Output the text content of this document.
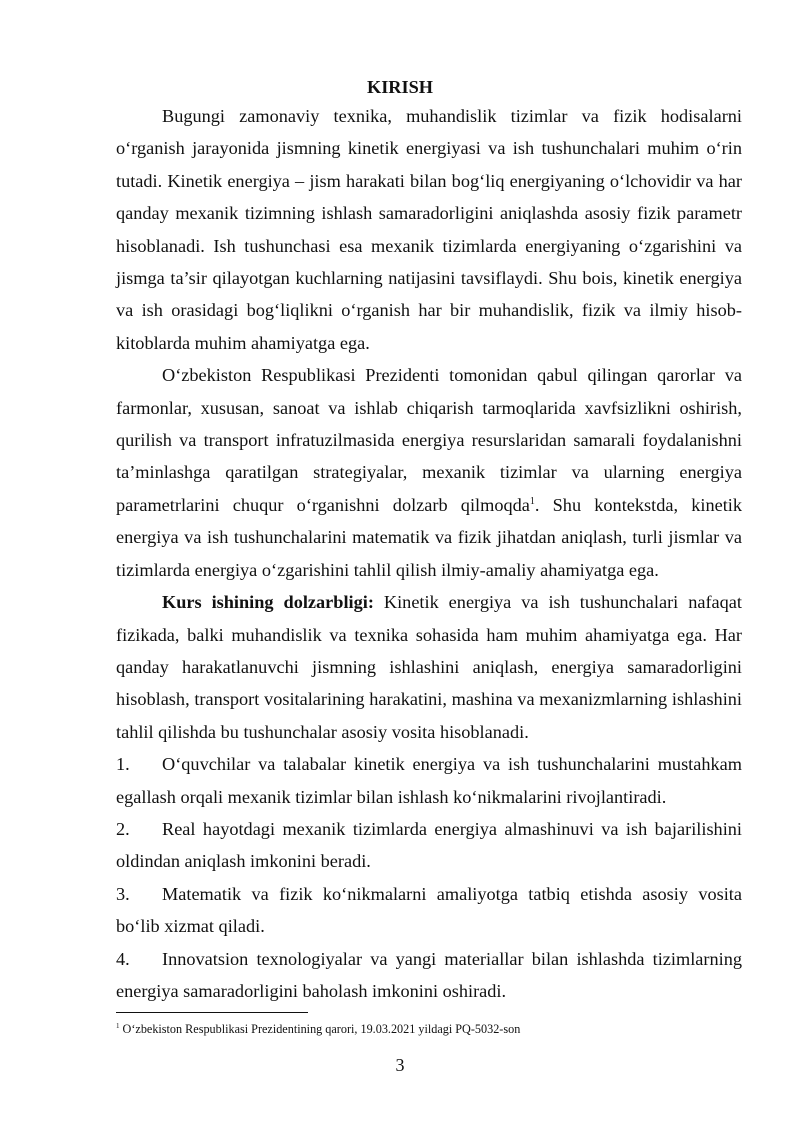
KIRISH

Bugungi zamonaviy texnika, muhandislik tizimlar va fizik hodisalarni o‘rganish jarayonida jismning kinetik energiyasi va ish tushunchalari muhim o‘rin tutadi. Kinetik energiya – jism harakati bilan bog‘liq energiyaning o‘lchovidir va har qanday mexanik tizimning ishlash samaradorligini aniqlashda asosiy fizik parametr hisoblanadi. Ish tushunchasi esa mexanik tizimlarda energiyaning o‘zgarishini va jismga ta’sir qilayotgan kuchlarning natijasini tavsiflaydi. Shu bois, kinetik energiya va ish orasidagi bog‘liqlikni o‘rganish har bir muhandislik, fizik va ilmiy hisob-kitoblarda muhim ahamiyatga ega.

O‘zbekiston Respublikasi Prezidenti tomonidan qabul qilingan qarorlar va farmonlar, xususan, sanoat va ishlab chiqarish tarmoqlarida xavfsizlikni oshirish, qurilish va transport infratuzilmasida energiya resurslaridan samarali foydalanishni ta’minlashga qaratilgan strategiyalar, mexanik tizimlar va ularning energiya parametrlarini chuqur o‘rganishni dolzarb qilmoqda$^1$. Shu kontekstda, kinetik energiya va ish tushunchalarini matematik va fizik jihatdan aniqlash, turli jismlar va tizimlarda energiya o‘zgarishini tahlil qilish ilmiy-amaliy ahamiyatga ega.

Kurs ishining dolzarbligi: Kinetik energiya va ish tushunchalari nafaqat fizikada, balki muhandislik va texnika sohasida ham muhim ahamiyatga ega. Har qanday harakatlanuvchi jismning ishlashini aniqlash, energiya samaradorligini hisoblash, transport vositalarining harakatini, mashina va mexanizmlarning ishlashini tahlil qilishda bu tushunchalar asosiy vosita hisoblanadi.

1. O‘quvchilar va talabalar kinetik energiya va ish tushunchalarini mustahkam egallash orqali mexanik tizimlar bilan ishlash ko‘nikmalarini rivojlantiradi.

2. Real hayotdagi mexanik tizimlarda energiya almashinuvi va ish bajarilishini oldindan aniqlash imkonini beradi.

3. Matematik va fizik ko‘nikmalarni amaliyotga tatbiq etishda asosiy vosita bo‘lib xizmat qiladi.

4. Innovatsion texnologiyalar va yangi materiallar bilan ishlashda tizimlarning energiya samaradorligini baholash imkonini oshiradi.

$^1$ O‘zbekiston Respublikasi Prezidentining qarori, 19.03.2021 yildagi PQ-5032-son
3
